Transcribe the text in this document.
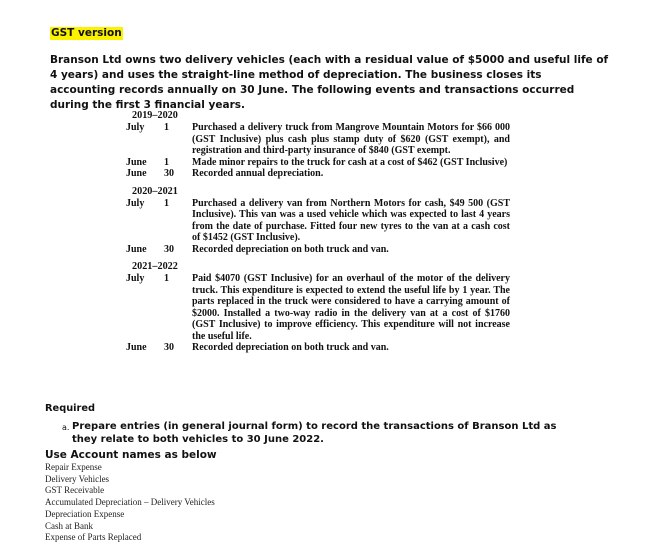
GST version
Branson Ltd owns two delivery vehicles (each with a residual value of $5000 and useful life of 4 years) and uses the straight-line method of depreciation. The business closes its accounting records annually on 30 June. The following events and transactions occurred during the first 3 financial years.
2019–2020
July	1	Purchased a delivery truck from Mangrove Mountain Motors for $66 000 (GST Inclusive) plus cash plus stamp duty of $620 (GST exempt), and registration and third-party insurance of $840 (GST exempt.
June	1	Made minor repairs to the truck for cash at a cost of $462 (GST Inclusive)
June	30	Recorded annual depreciation.
2020–2021
July	1	Purchased a delivery van from Northern Motors for cash, $49 500 (GST Inclusive). This van was a used vehicle which was expected to last 4 years from the date of purchase. Fitted four new tyres to the van at a cash cost of $1452 (GST Inclusive).
June	30	Recorded depreciation on both truck and van.
2021–2022
July	1	Paid $4070 (GST Inclusive) for an overhaul of the motor of the delivery truck. This expenditure is expected to extend the useful life by 1 year. The parts replaced in the truck were considered to have a carrying amount of $2000. Installed a two-way radio in the delivery van at a cost of $1760 (GST Inclusive) to improve efficiency. This expenditure will not increase the useful life.
June	30	Recorded depreciation on both truck and van.
Required
a. Prepare entries (in general journal form) to record the transactions of Branson Ltd as they relate to both vehicles to 30 June 2022.
Use Account names as below
Repair Expense
Delivery Vehicles
GST Receivable
Accumulated Depreciation – Delivery Vehicles
Depreciation Expense
Cash at Bank
Expense of Parts Replaced
